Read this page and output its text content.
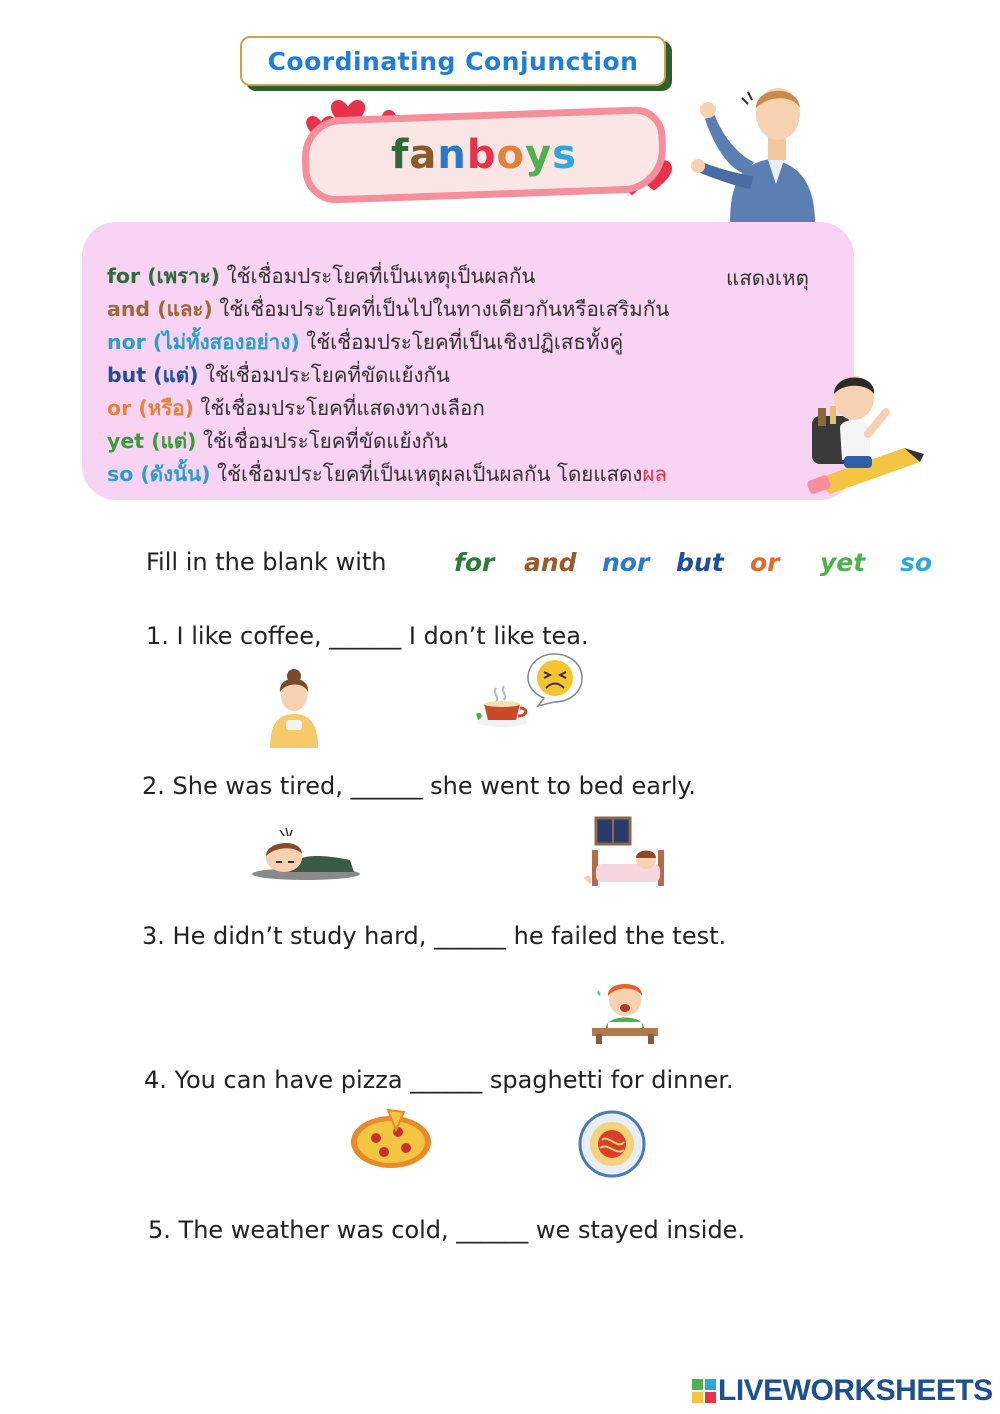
Coordinating Conjunction
fanboys
for (เพราะ) ใช้เชื่อมประโยคที่เป็นเหตุเป็นผลกัน
and (และ) ใช้เชื่อมประโยคที่เป็นไปในทางเดียวกันหรือเสริมกัน
nor (ไม่ทั้งสองอย่าง) ใช้เชื่อมประโยคที่เป็นเชิงปฏิเสธทั้งคู่
but (แต่) ใช้เชื่อมประโยคที่ขัดแย้งกัน
or (หรือ) ใช้เชื่อมประโยคที่แสดงทางเลือก
yet (แต่) ใช้เชื่อมประโยคที่ขัดแย้งกัน
so (ดังนั้น) ใช้เชื่อมประโยคที่เป็นเหตุผลเป็นผลกัน โดยแสดงผล
แสดงเหตุ
Fill in the blank with	for and nor but or yet so
1. I like coffee, ______ I don’t like tea.
2. She was tired, ______ she went to bed early.
3. He didn’t study hard, ______ he failed the test.
4. You can have pizza ______ spaghetti for dinner.
5. The weather was cold, ______ we stayed inside.
LIVEWORKSHEETS
